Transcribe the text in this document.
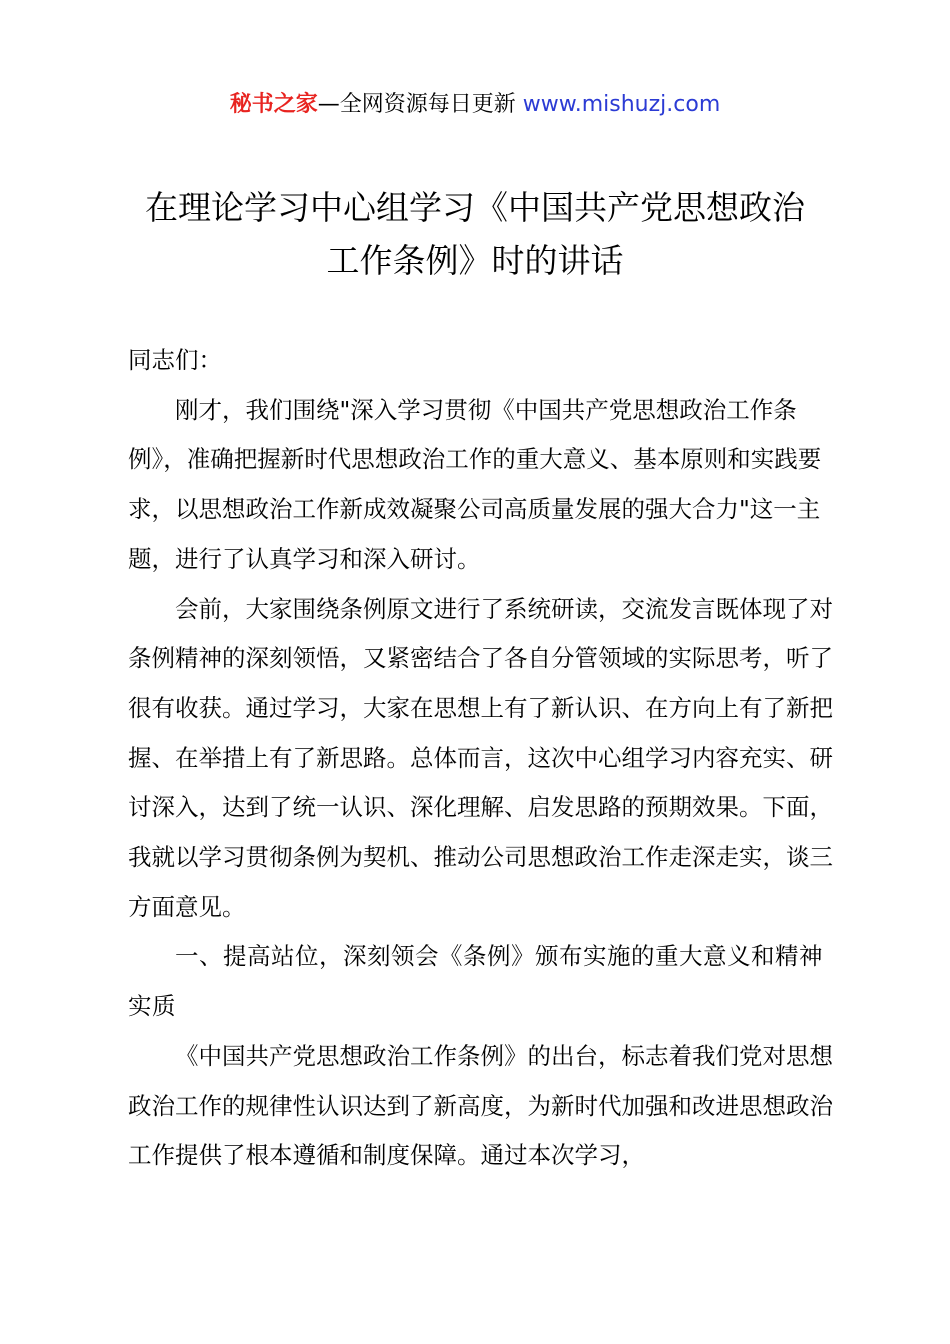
秘书之家—全网资源每日更新 www.mishuzj.com
在理论学习中心组学习《中国共产党思想政治
工作条例》时的讲话

同志们：

刚才，我们围绕"深入学习贯彻《中国共产党思想政治工作条例》，准确把握新时代思想政治工作的重大意义、基本原则和实践要求，以思想政治工作新成效凝聚公司高质量发展的强大合力"这一主题，进行了认真学习和深入研讨。

会前，大家围绕条例原文进行了系统研读，交流发言既体现了对条例精神的深刻领悟，又紧密结合了各自分管领域的实际思考，听了很有收获。通过学习，大家在思想上有了新认识、在方向上有了新把握、在举措上有了新思路。总体而言，这次中心组学习内容充实、研讨深入，达到了统一认识、深化理解、启发思路的预期效果。下面，我就以学习贯彻条例为契机、推动公司思想政治工作走深走实，谈三方面意见。

一、提高站位，深刻领会《条例》颁布实施的重大意义和精神实质

《中国共产党思想政治工作条例》的出台，标志着我们党对思想政治工作的规律性认识达到了新高度，为新时代加强和改进思想政治工作提供了根本遵循和制度保障。通过本次学习，
